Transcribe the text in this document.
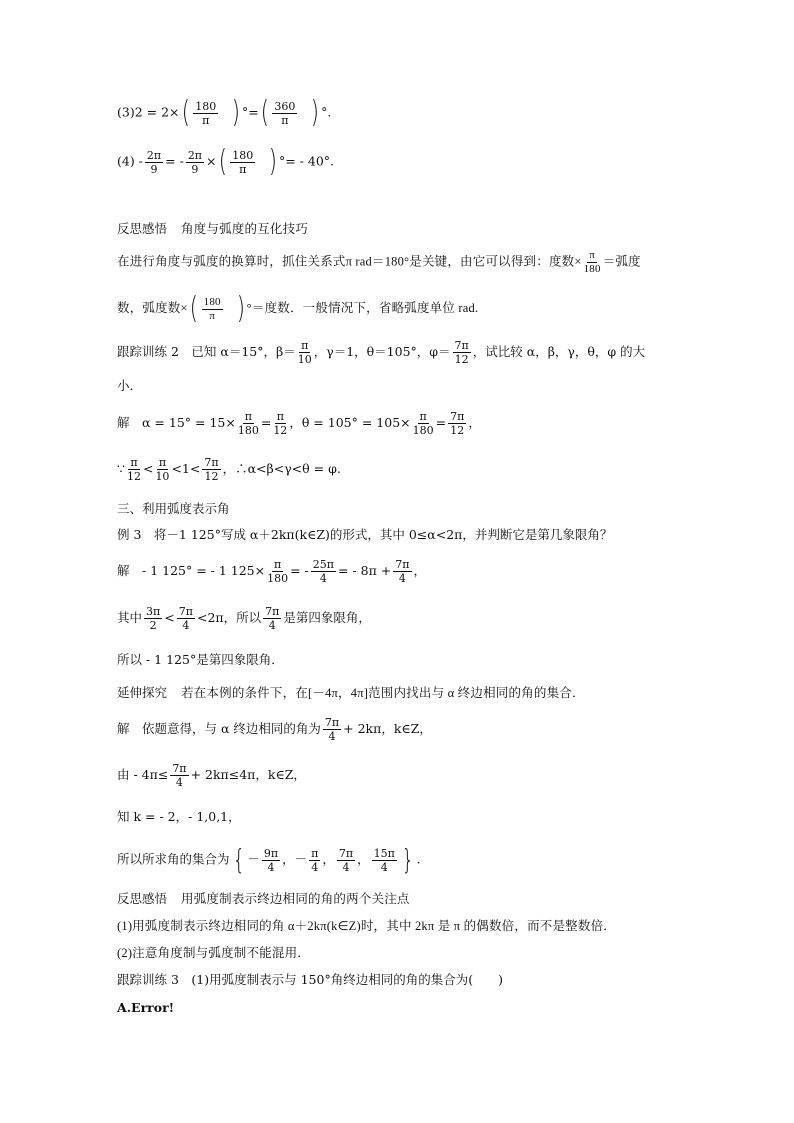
$(3)2 = 2\times( \frac{180}{\pi}$ ) °=( $\frac{360}{\pi}$ ) °.
$(4) - \frac{2\pi}{9}$ = - $\frac{2\pi}{9}$ ×( $\frac{180}{\pi}$ ) °= - 40°.
反思感悟 角度与弧度的互化技巧
在进行角度与弧度的换算时，抓住关系式π rad＝180°是关键，由它可以得到：度数× $\frac{\pi}{180}$ ＝弧度
数，弧度数×( $\frac{180}{\pi}$ ) °＝度数．一般情况下，省略弧度单位 rad.
跟踪训练 2　已知 α＝15°，$\beta= \frac{\pi}{10}$ ，γ＝1，θ＝105°，$\varphi= \frac{7\pi}{12}$ ，试比较 α，β，γ，θ，φ 的大
小．
解　$\alpha = 15^\circ = 15\times \frac{\pi}{180} = \frac{\pi}{12}$ ，$\theta = 105^\circ = 105\times \frac{\pi}{180} = \frac{7\pi}{12}$ ，
∵ $\frac{\pi}{12} < \frac{\pi}{10} <1< \frac{7\pi}{12}$ ，∴α<β<γ<θ = φ.
三、利用弧度表示角
例 3　将－1 125°写成 α＋2kπ(k∈Z)的形式，其中 0≤α<2π，并判断它是第几象限角？
解　- 1 125° = - 1 $125\times \frac{\pi}{180}$ = - $\frac{25\pi}{4}$ = - $8\pi + \frac{7\pi}{4}$ ，
其中 $\frac{3\pi}{2} < \frac{7\pi}{4} <2\pi$，所以 $\frac{7\pi}{4}$ 是第四象限角，
所以 - 1 125°是第四象限角．
延伸探究 若在本例的条件下，在[－4π，4π]范围内找出与 α 终边相同的角的集合．
解　依题意得，与 α 终边相同的角为 $\frac{7\pi}{4} + 2k\pi$，k∈Z，
由 - $4\pi\le \frac{7\pi}{4} + 2k\pi\le 4\pi$，k∈Z，
知 k = - 2，- 1,0,1，
所以所求角的集合为{ － $\frac{9\pi}{4}$ ，－ $\frac{\pi}{4}$ ， $\frac{7\pi}{4}$ ， $\frac{15\pi}{4}$ } .
反思感悟 用弧度制表示终边相同的角的两个关注点
(1)用弧度制表示终边相同的角 α＋2kπ(k∈Z)时，其中 2kπ 是 π 的偶数倍，而不是整数倍．
(2)注意角度制与弧度制不能混用．
跟踪训练 3　(1)用弧度制表示与 150°角终边相同的角的集合为(　　)
A.Error!
